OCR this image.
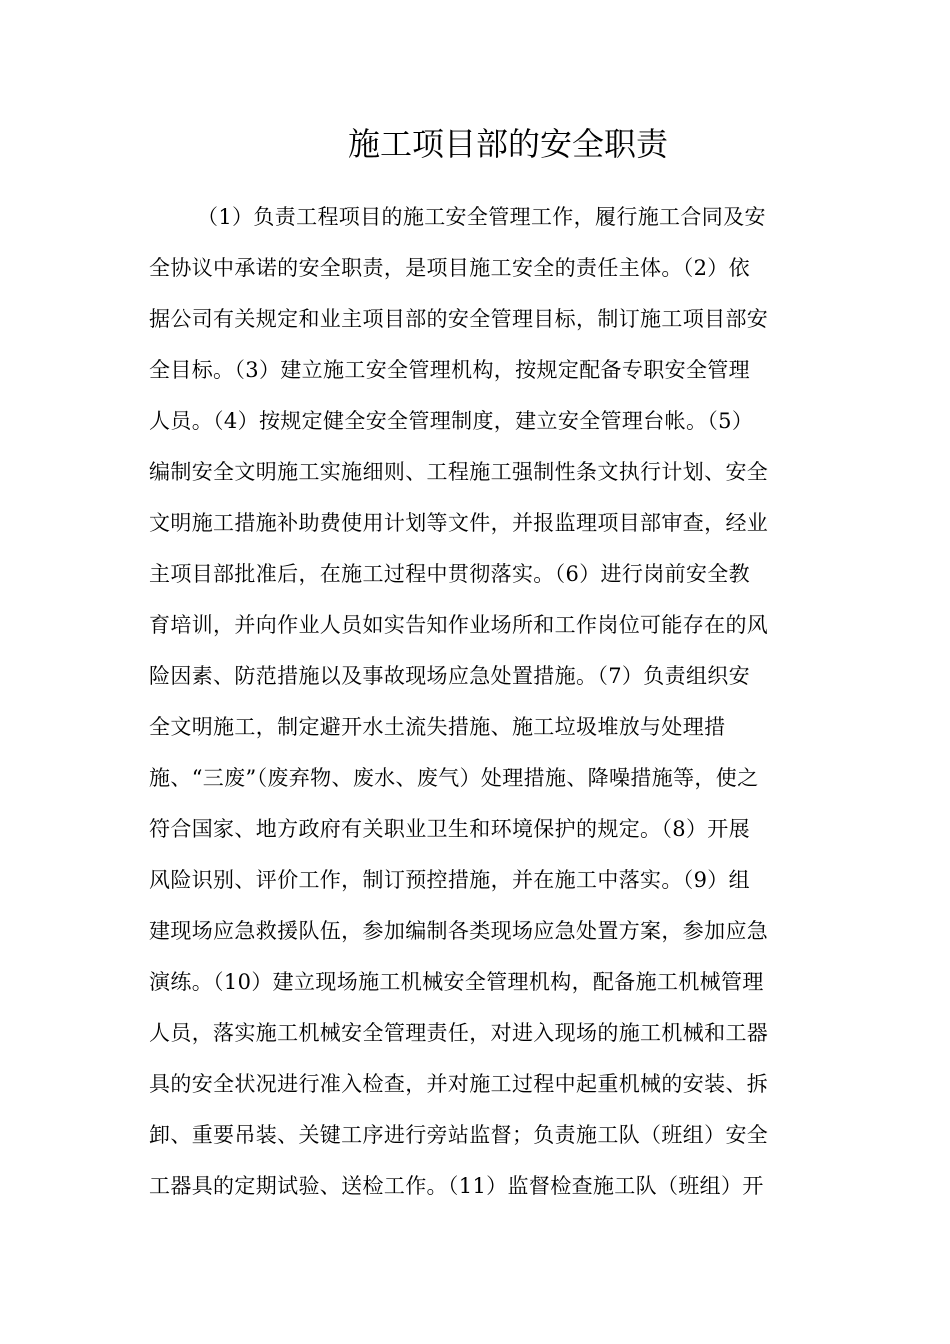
施工项目部的安全职责
（1）负责工程项目的施工安全管理工作，履行施工合同及安
全协议中承诺的安全职责，是项目施工安全的责任主体。（2）依
据公司有关规定和业主项目部的安全管理目标，制订施工项目部安
全目标。（3）建立施工安全管理机构，按规定配备专职安全管理
人员。（4）按规定健全安全管理制度，建立安全管理台帐。（5）
编制安全文明施工实施细则、工程施工强制性条文执行计划、安全
文明施工措施补助费使用计划等文件，并报监理项目部审查，经业
主项目部批准后，在施工过程中贯彻落实。（6）进行岗前安全教
育培训，并向作业人员如实告知作业场所和工作岗位可能存在的风
险因素、防范措施以及事故现场应急处置措施。（7）负责组织安
全文明施工，制定避开水土流失措施、施工垃圾堆放与处理措
施、“三废”（废弃物、废水、废气）处理措施、降噪措施等，使之
符合国家、地方政府有关职业卫生和环境保护的规定。（8）开展
风险识别、评价工作，制订预控措施，并在施工中落实。（9）组
建现场应急救援队伍，参加编制各类现场应急处置方案，参加应急
演练。（10）建立现场施工机械安全管理机构，配备施工机械管理
人员，落实施工机械安全管理责任，对进入现场的施工机械和工器
具的安全状况进行准入检查，并对施工过程中起重机械的安装、拆
卸、重要吊装、关键工序进行旁站监督；负责施工队（班组）安全
工器具的定期试验、送检工作。（11）监督检查施工队（班组）开
